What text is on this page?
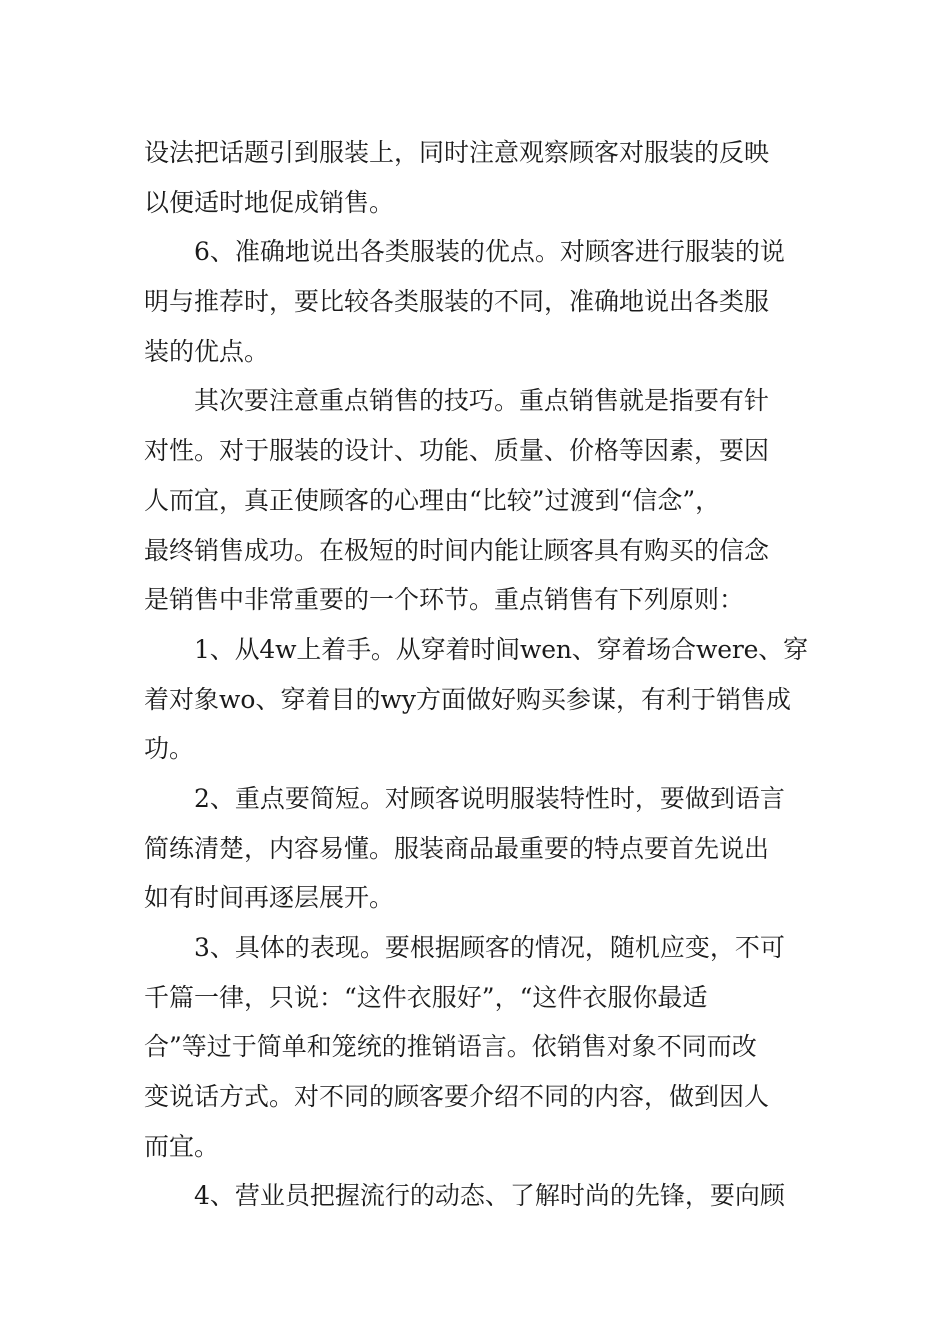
设法把话题引到服装上，同时注意观察顾客对服装的反映
以便适时地促成销售。
6、准确地说出各类服装的优点。对顾客进行服装的说
明与推荐时，要比较各类服装的不同，准确地说出各类服
装的优点。
其次要注意重点销售的技巧。重点销售就是指要有针
对性。对于服装的设计、功能、质量、价格等因素，要因
人而宜，真正使顾客的心理由“比较”过渡到“信念”，
最终销售成功。在极短的时间内能让顾客具有购买的信念
是销售中非常重要的一个环节。重点销售有下列原则：
1、从4w上着手。从穿着时间wen、穿着场合were、穿
着对象wo、穿着目的wy方面做好购买参谋，有利于销售成
功。
2、重点要简短。对顾客说明服装特性时，要做到语言
简练清楚，内容易懂。服装商品最重要的特点要首先说出
如有时间再逐层展开。
3、具体的表现。要根据顾客的情况，随机应变，不可
千篇一律，只说：“这件衣服好”，“这件衣服你最适
合”等过于简单和笼统的推销语言。依销售对象不同而改
变说话方式。对不同的顾客要介绍不同的内容，做到因人
而宜。
4、营业员把握流行的动态、了解时尚的先锋，要向顾
